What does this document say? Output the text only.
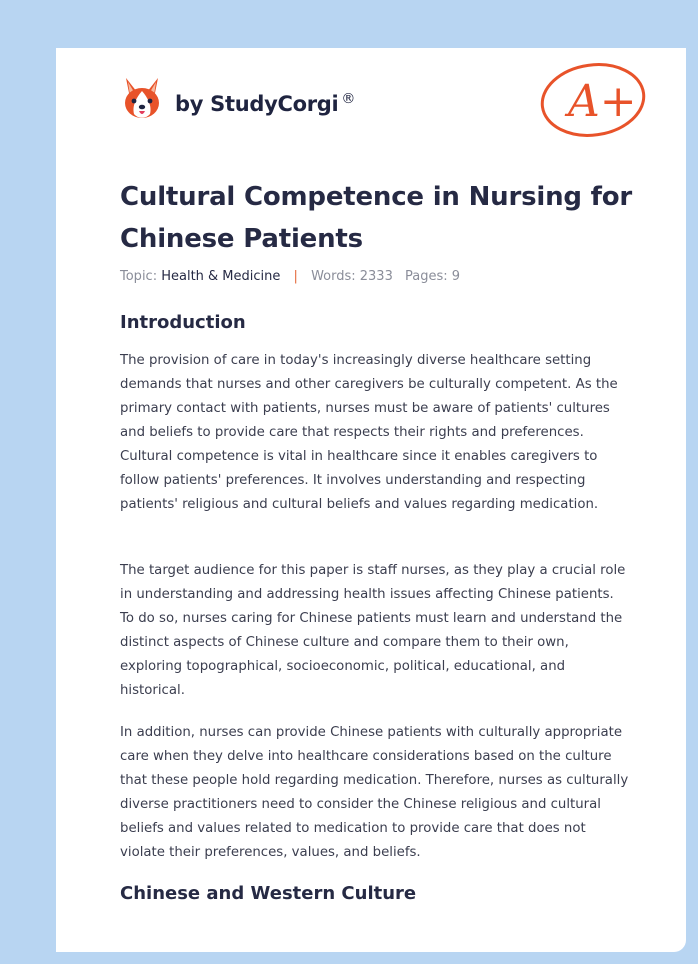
by StudyCorgi ®	A+
Cultural Competence in Nursing for Chinese Patients
Topic: Health & Medicine | Words: 2333 Pages: 9
Introduction

The provision of care in today's increasingly diverse healthcare setting demands that nurses and other caregivers be culturally competent. As the primary contact with patients, nurses must be aware of patients' cultures and beliefs to provide care that respects their rights and preferences. Cultural competence is vital in healthcare since it enables caregivers to follow patients' preferences. It involves understanding and respecting patients' religious and cultural beliefs and values regarding medication.

The target audience for this paper is staff nurses, as they play a crucial role in understanding and addressing health issues affecting Chinese patients. To do so, nurses caring for Chinese patients must learn and understand the distinct aspects of Chinese culture and compare them to their own, exploring topographical, socioeconomic, political, educational, and historical.

In addition, nurses can provide Chinese patients with culturally appropriate care when they delve into healthcare considerations based on the culture that these people hold regarding medication. Therefore, nurses as culturally diverse practitioners need to consider the Chinese religious and cultural beliefs and values related to medication to provide care that does not violate their preferences, values, and beliefs.

Chinese and Western Culture
